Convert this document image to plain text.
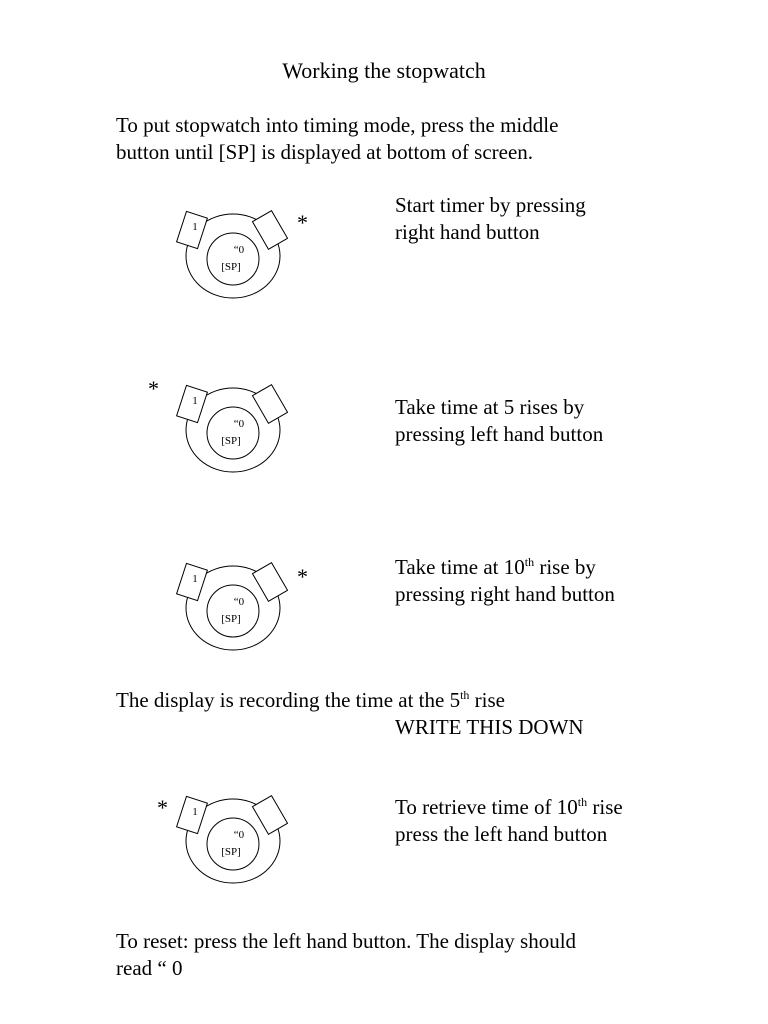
Working the stopwatch
To put stopwatch into timing mode, press the middle
button until [SP] is displayed at bottom of screen.
1
“0
[SP]
*
Start timer by pressing
right hand button
1
“0
[SP]
*
Take time at 5 rises by
pressing left hand button
1
“0
[SP]
*	Take time at 10th rise by
pressing right hand button
The display is recording the time at the 5th rise
WRITE THIS DOWN
1
“0
[SP]
*	To retrieve time of 10th rise
press the left hand button
To reset: press the left hand button. The display should
read “ 0
